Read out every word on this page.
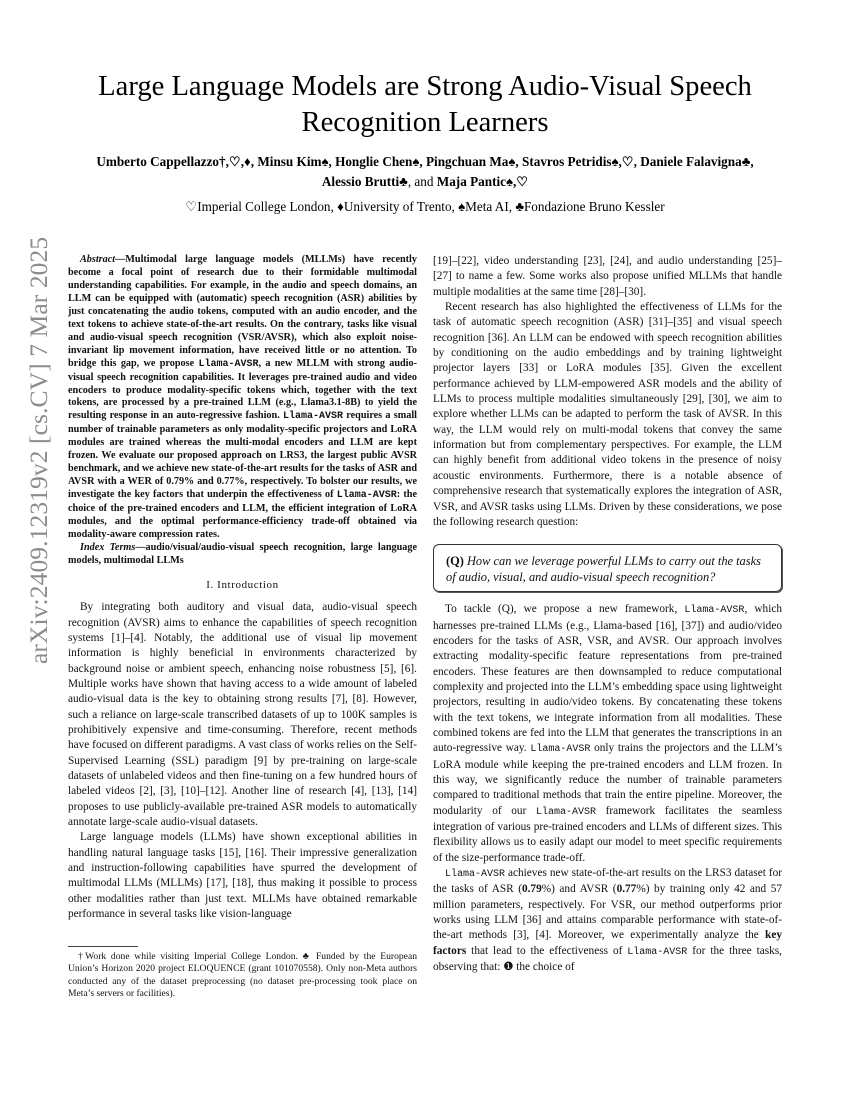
arXiv:2409.12319v2 [cs.CV] 7 Mar 2025
Large Language Models are Strong Audio-Visual Speech Recognition Learners
Umberto Cappellazzo†,♡,♦, Minsu Kim♠, Honglie Chen♠, Pingchuan Ma♠, Stavros Petridis♠,♡, Daniele Falavigna♣,
Alessio Brutti♣, and Maja Pantic♠,♡
♡Imperial College London, ♦University of Trento, ♠Meta AI, ♣Fondazione Bruno Kessler

Abstract—Multimodal large language models (MLLMs) have recently become a focal point of research due to their formidable multimodal understanding capabilities. For example, in the audio and speech domains, an LLM can be equipped with (automatic) speech recognition (ASR) abilities by just concatenating the audio tokens, computed with an audio encoder, and the text tokens to achieve state-of-the-art results. On the contrary, tasks like visual and audio-visual speech recognition (VSR/AVSR), which also exploit noise-invariant lip movement information, have received little or no attention. To bridge this gap, we propose Llama-AVSR, a new MLLM with strong audio-visual speech recognition capabilities. It leverages pre-trained audio and video encoders to produce modality-specific tokens which, together with the text tokens, are processed by a pre-trained LLM (e.g., Llama3.1-8B) to yield the resulting response in an auto-regressive fashion. Llama-AVSR requires a small number of trainable parameters as only modality-specific projectors and LoRA modules are trained whereas the multi-modal encoders and LLM are kept frozen. We evaluate our proposed approach on LRS3, the largest public AVSR benchmark, and we achieve new state-of-the-art results for the tasks of ASR and AVSR with a WER of 0.79% and 0.77%, respectively. To bolster our results, we investigate the key factors that underpin the effectiveness of Llama-AVSR: the choice of the pre-trained encoders and LLM, the efficient integration of LoRA modules, and the optimal performance-efficiency trade-off obtained via modality-aware compression rates.

Index Terms—audio/visual/audio-visual speech recognition, large language models, multimodal LLMs

I. Introduction

By integrating both auditory and visual data, audio-visual speech recognition (AVSR) aims to enhance the capabilities of speech recognition systems [1]–[4]. Notably, the additional use of visual lip movement information is highly beneficial in environments characterized by background noise or ambient speech, enhancing noise robustness [5], [6]. Multiple works have shown that having access to a wide amount of labeled audio-visual data is the key to obtaining strong results [7], [8]. However, such a reliance on large-scale transcribed datasets of up to 100K samples is prohibitively expensive and time-consuming. Therefore, recent methods have focused on different paradigms. A vast class of works relies on the Self-Supervised Learning (SSL) paradigm [9] by pre-training on large-scale datasets of unlabeled videos and then fine-tuning on a few hundred hours of labeled videos [2], [3], [10]–[12]. Another line of research [4], [13], [14] proposes to use publicly-available pre-trained ASR models to automatically annotate large-scale audio-visual datasets.

Large language models (LLMs) have shown exceptional abilities in handling natural language tasks [15], [16]. Their impressive generalization and instruction-following capabilities have spurred the development of multimodal LLMs (MLLMs) [17], [18], thus making it possible to process other modalities rather than just text. MLLMs have obtained remarkable performance in several tasks like vision-language

†Work done while visiting Imperial College London. ♣ Funded by the European Union’s Horizon 2020 project ELOQUENCE (grant 101070558). Only non-Meta authors conducted any of the dataset preprocessing (no dataset pre-processing took place on Meta’s servers or facilities).

[19]–[22], video understanding [23], [24], and audio understanding [25]–[27] to name a few. Some works also propose unified MLLMs that handle multiple modalities at the same time [28]–[30].

Recent research has also highlighted the effectiveness of LLMs for the task of automatic speech recognition (ASR) [31]–[35] and visual speech recognition [36]. An LLM can be endowed with speech recognition abilities by conditioning on the audio embeddings and by training lightweight projector layers [33] or LoRA modules [35]. Given the excellent performance achieved by LLM-empowered ASR models and the ability of LLMs to process multiple modalities simultaneously [29], [30], we aim to explore whether LLMs can be adapted to perform the task of AVSR. In this way, the LLM would rely on multi-modal tokens that convey the same information but from complementary perspectives. For example, the LLM can highly benefit from additional video tokens in the presence of noisy acoustic environments. Furthermore, there is a notable absence of comprehensive research that systematically explores the integration of ASR, VSR, and AVSR tasks using LLMs. Driven by these considerations, we pose the following research question:

(Q) How can we leverage powerful LLMs to carry out the tasks of audio, visual, and audio-visual speech recognition?

To tackle (Q), we propose a new framework, Llama-AVSR, which harnesses pre-trained LLMs (e.g., Llama-based [16], [37]) and audio/video encoders for the tasks of ASR, VSR, and AVSR. Our approach involves extracting modality-specific feature representations from pre-trained encoders. These features are then downsampled to reduce computational complexity and projected into the LLM’s embedding space using lightweight projectors, resulting in audio/video tokens. By concatenating these tokens with the text tokens, we integrate information from all modalities. These combined tokens are fed into the LLM that generates the transcriptions in an auto-regressive way. Llama-AVSR only trains the projectors and the LLM’s LoRA module while keeping the pre-trained encoders and LLM frozen. In this way, we significantly reduce the number of trainable parameters compared to traditional methods that train the entire pipeline. Moreover, the modularity of our Llama-AVSR framework facilitates the seamless integration of various pre-trained encoders and LLMs of different sizes. This flexibility allows us to easily adapt our model to meet specific requirements of the size-performance trade-off.

Llama-AVSR achieves new state-of-the-art results on the LRS3 dataset for the tasks of ASR (0.79%) and AVSR (0.77%) by training only 42 and 57 million parameters, respectively. For VSR, our method outperforms prior works using LLM [36] and attains comparable performance with state-of-the-art methods [3], [4]. Moreover, we experimentally analyze the key factors that lead to the effectiveness of Llama-AVSR for the three tasks, observing that: ❶ the choice of
